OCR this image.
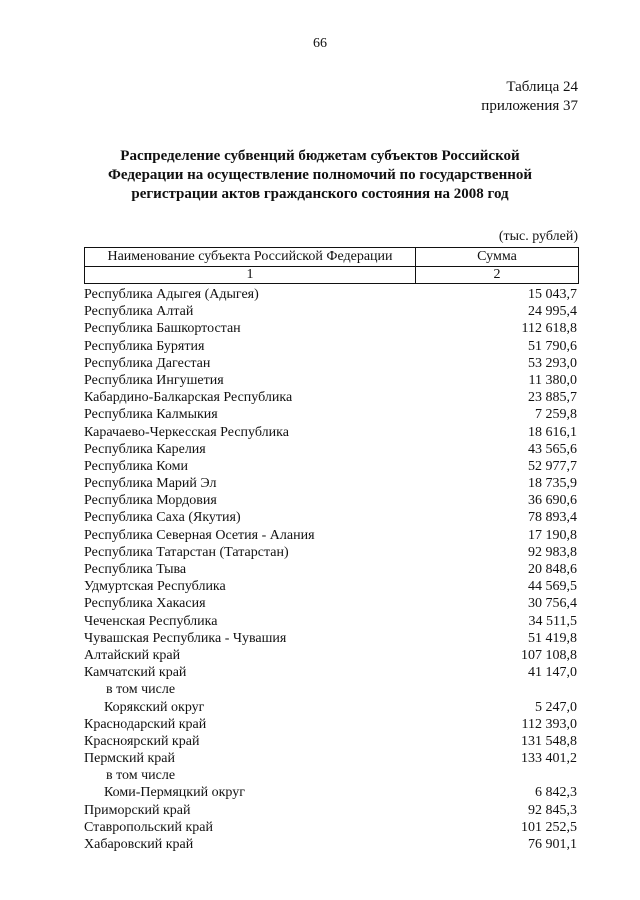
66
Таблица 24
приложения 37
Распределение субвенций бюджетам субъектов Российской Федерации на осуществление полномочий по государственной регистрации актов гражданского состояния на 2008 год
(тыс. рублей)
Наименование субъекта Российской Федерации	Сумма
1	2
Республика Адыгея (Адыгея)	15 043,7
Республика Алтай	24 995,4
Республика Башкортостан	112 618,8
Республика Бурятия	51 790,6
Республика Дагестан	53 293,0
Республика Ингушетия	11 380,0
Кабардино-Балкарская Республика	23 885,7
Республика Калмыкия	7 259,8
Карачаево-Черкесская Республика	18 616,1
Республика Карелия	43 565,6
Республика Коми	52 977,7
Республика Марий Эл	18 735,9
Республика Мордовия	36 690,6
Республика Саха (Якутия)	78 893,4
Республика Северная Осетия - Алания	17 190,8
Республика Татарстан (Татарстан)	92 983,8
Республика Тыва	20 848,6
Удмуртская Республика	44 569,5
Республика Хакасия	30 756,4
Чеченская Республика	34 511,5
Чувашская Республика - Чувашия	51 419,8
Алтайский край	107 108,8
Камчатский край	41 147,0
в том числе
Корякский округ	5 247,0
Краснодарский край	112 393,0
Красноярский край	131 548,8
Пермский край	133 401,2
в том числе
Коми-Пермяцкий округ	6 842,3
Приморский край	92 845,3
Ставропольский край	101 252,5
Хабаровский край	76 901,1
